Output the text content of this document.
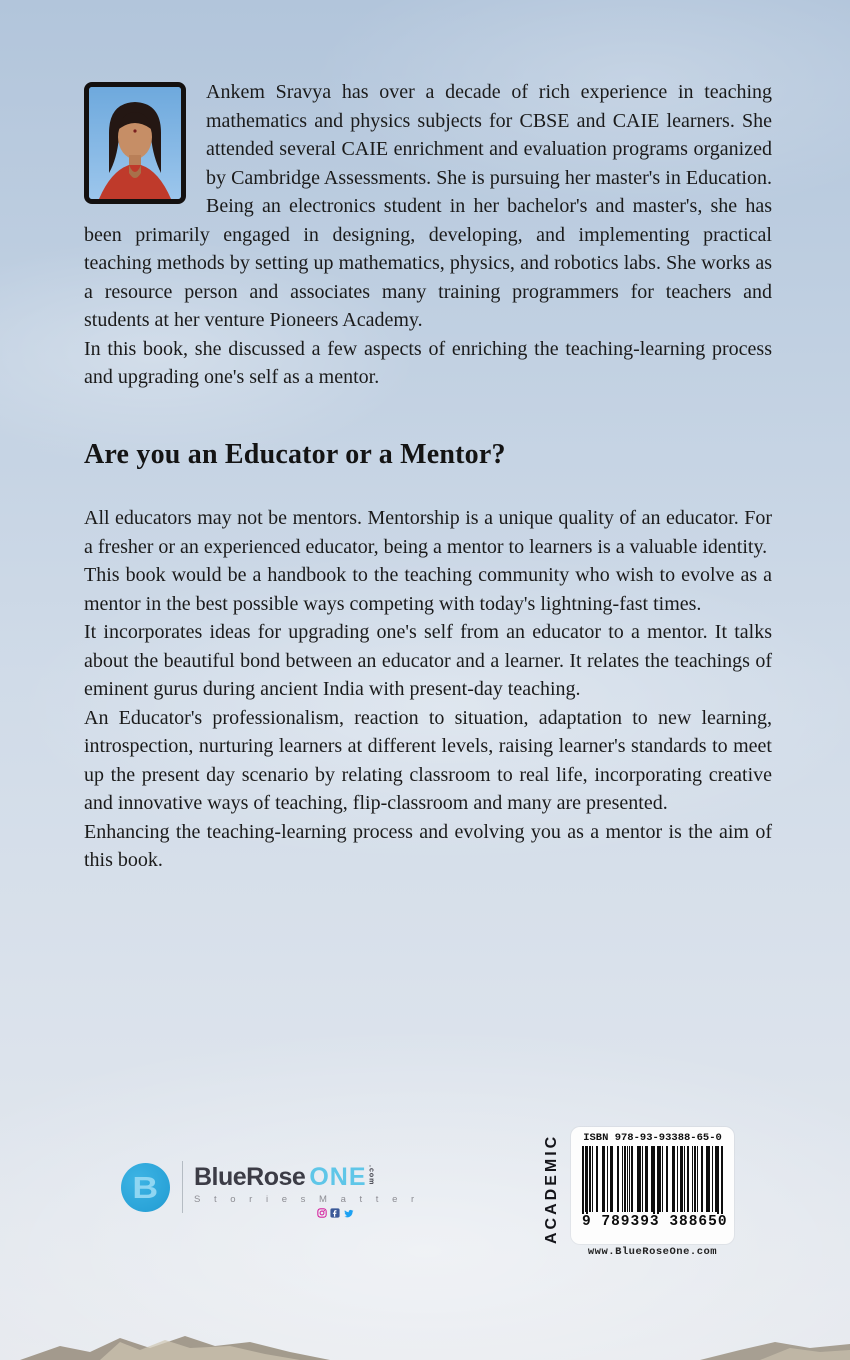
Ankem Sravya has over a decade of rich experience in teaching mathematics and physics subjects for CBSE and CAIE learners. She attended several CAIE enrichment and evaluation programs organized by Cambridge Assessments. She is pursuing her master's in Education. Being an electronics student in her bachelor's and master's, she has been primarily engaged in designing, developing, and implementing practical teaching methods by setting up mathematics, physics, and robotics labs. She works as a resource person and associates many training programmers for teachers and students at her venture Pioneers Academy.

In this book, she discussed a few aspects of enriching the teaching-learning process and upgrading one's self as a mentor.

Are you an Educator or a Mentor?

All educators may not be mentors. Mentorship is a unique quality of an educator. For a fresher or an experienced educator, being a mentor to learners is a valuable identity.

This book would be a handbook to the teaching community who wish to evolve as a mentor in the best possible ways competing with today's lightning-fast times.

It incorporates ideas for upgrading one's self from an educator to a mentor. It talks about the beautiful bond between an educator and a learner. It relates the teachings of eminent gurus during ancient India with present-day teaching.

An Educator's professionalism, reaction to situation, adaptation to new learning, introspection, nurturing learners at different levels, raising learner's standards to meet up the present day scenario by relating classroom to real life, incorporating creative and innovative ways of teaching, flip-classroom and many are presented.

Enhancing the teaching-learning process and evolving you as a mentor is the aim of this book.

B BlueRose ONE .com
S t o r i e s M a t t e r	ACADEMIC	ISBN 978-93-93388-65-0
9 789393 388650
www.BlueRoseOne.com
